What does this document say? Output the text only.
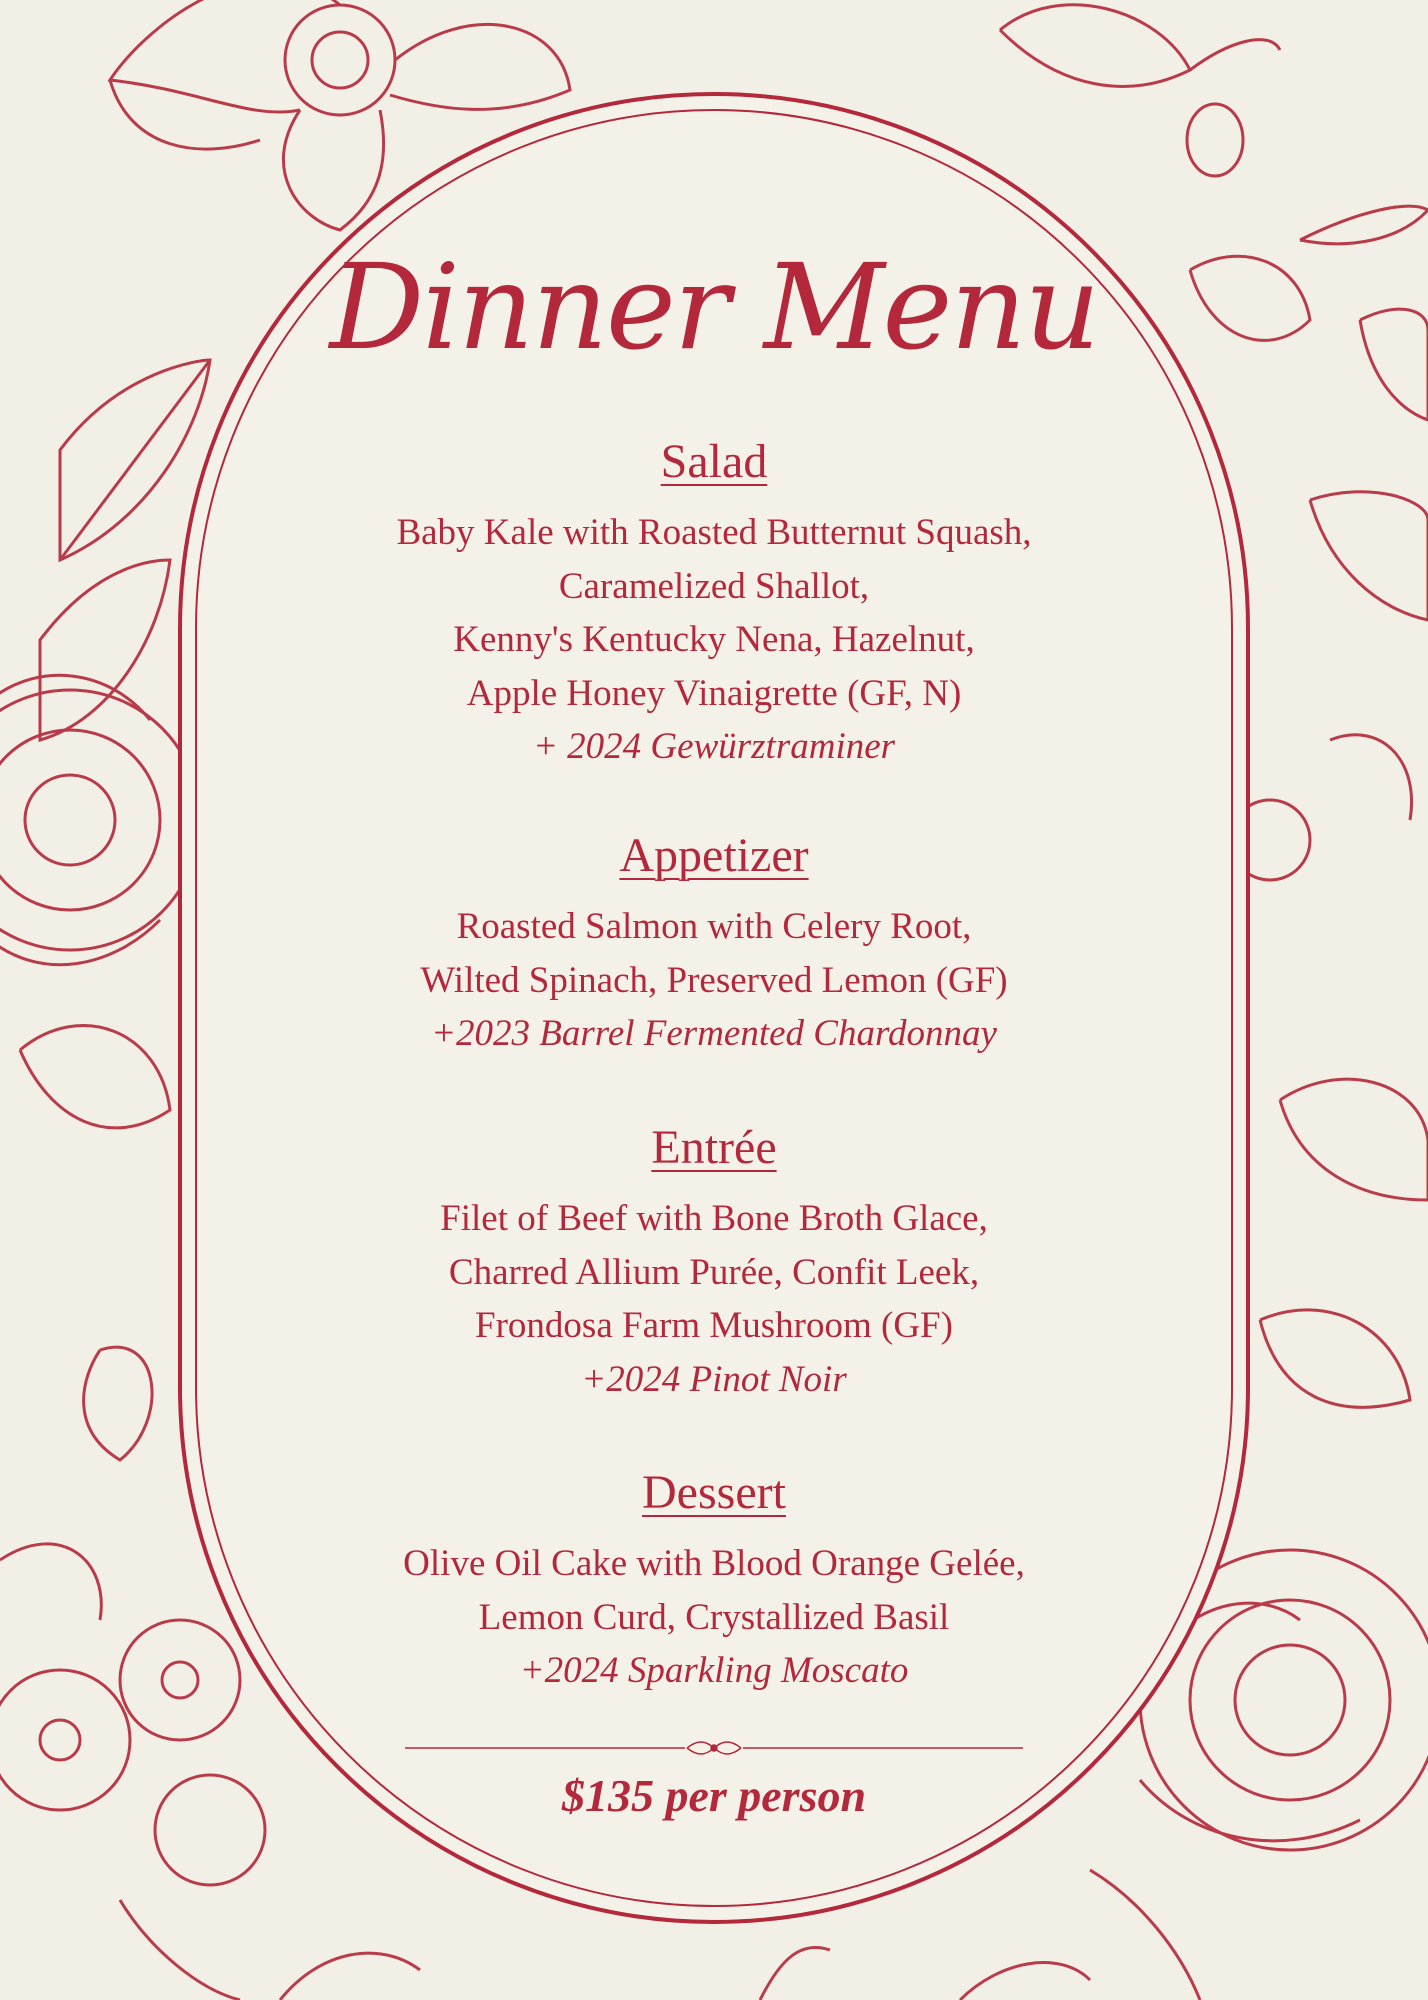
Dinner Menu
Salad
Baby Kale with Roasted Butternut Squash,
Caramelized Shallot,
Kenny's Kentucky Nena, Hazelnut,
Apple Honey Vinaigrette (GF, N)
+ 2024 Gewürztraminer
Appetizer
Roasted Salmon with Celery Root,
Wilted Spinach, Preserved Lemon (GF)
+2023 Barrel Fermented Chardonnay
Entrée
Filet of Beef with Bone Broth Glace,
Charred Allium Purée, Confit Leek,
Frondosa Farm Mushroom (GF)
+2024 Pinot Noir
Dessert
Olive Oil Cake with Blood Orange Gelée,
Lemon Curd, Crystallized Basil
+2024 Sparkling Moscato
$135 per person
